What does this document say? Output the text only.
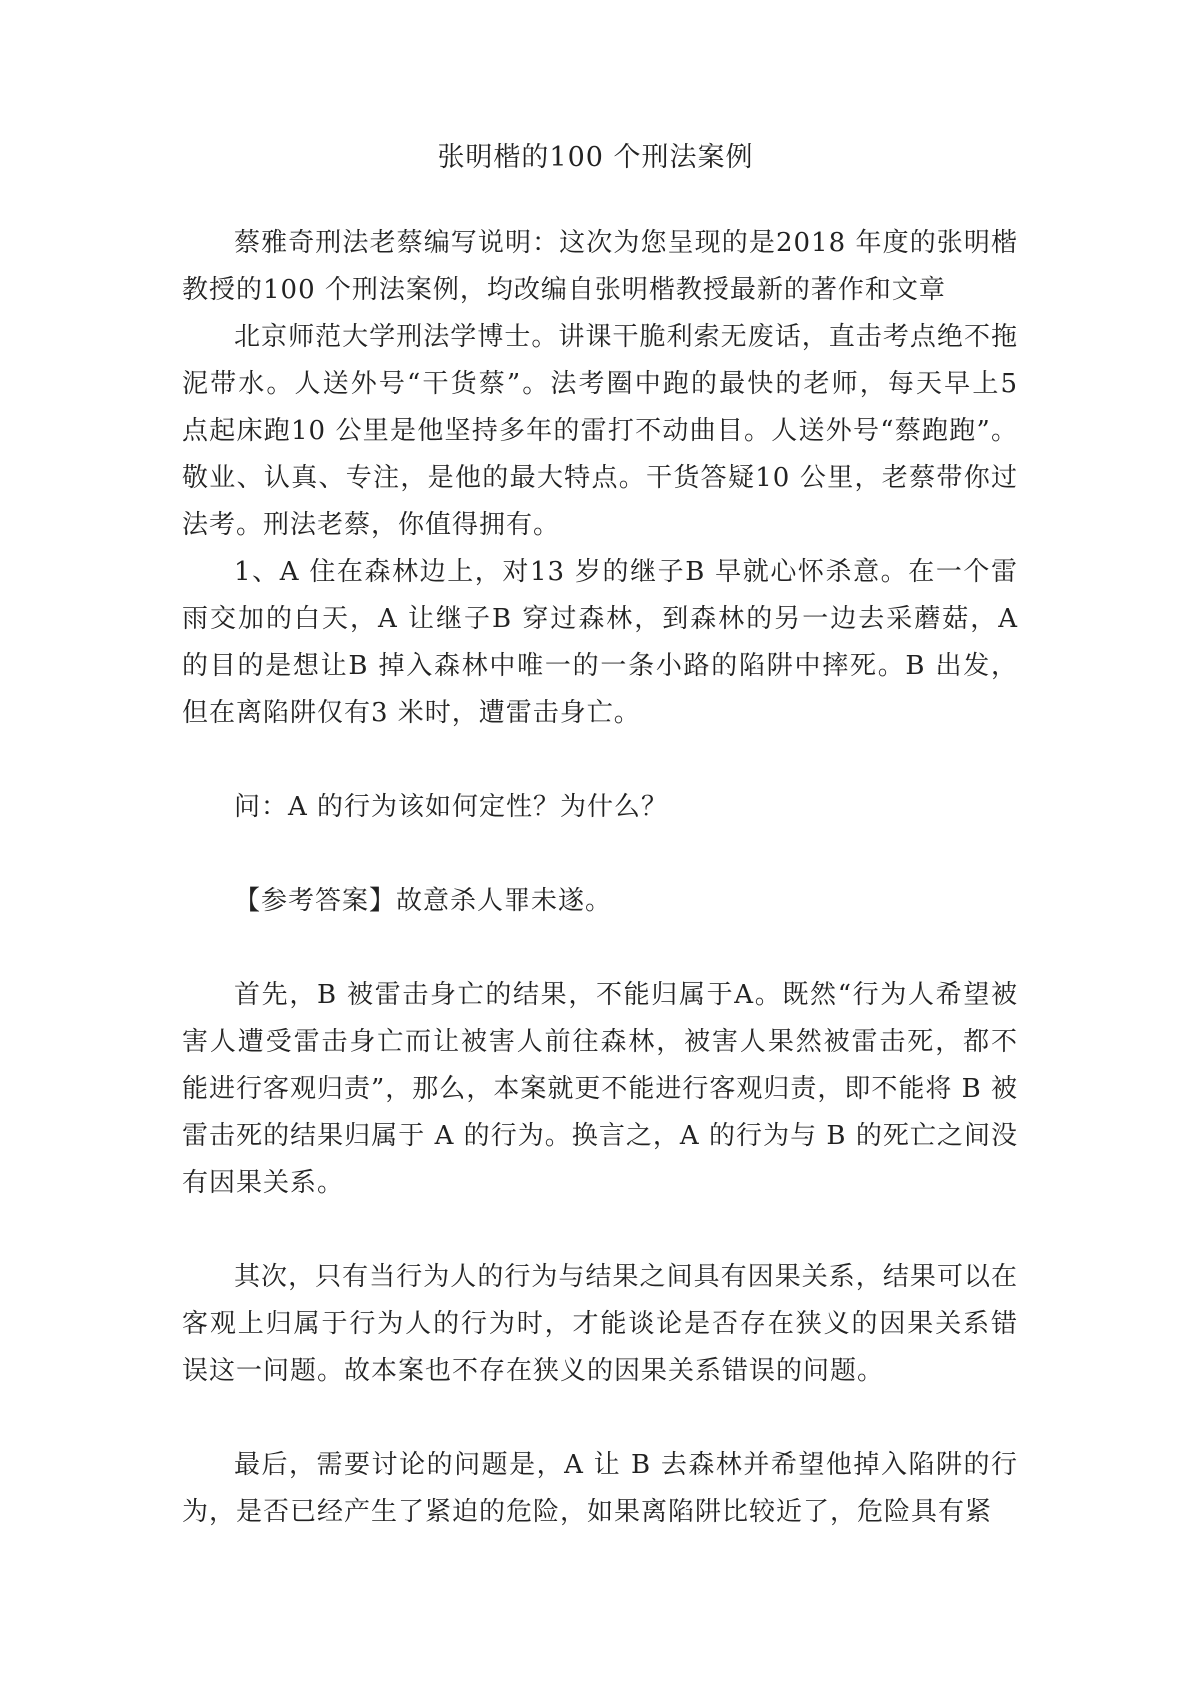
张明楷的100 个刑法案例

蔡雅奇刑法老蔡编写说明：这次为您呈现的是2018 年度的张明楷教授的100 个刑法案例，均改编自张明楷教授最新的著作和文章

北京师范大学刑法学博士。讲课干脆利索无废话，直击考点绝不拖泥带水。人送外号“干货蔡”。法考圈中跑的最快的老师，每天早上5 点起床跑10 公里是他坚持多年的雷打不动曲目。人送外号“蔡跑跑”。敬业、认真、专注，是他的最大特点。干货答疑10 公里，老蔡带你过法考。刑法老蔡，你值得拥有。

1、A 住在森林边上，对13 岁的继子B 早就心怀杀意。在一个雷雨交加的白天，A 让继子B 穿过森林，到森林的另一边去采蘑菇，A 的目的是想让B 掉入森林中唯一的一条小路的陷阱中摔死。B 出发，但在离陷阱仅有3 米时，遭雷击身亡。

问：A 的行为该如何定性？为什么？

【参考答案】故意杀人罪未遂。

首先，B 被雷击身亡的结果，不能归属于A。既然“行为人希望被害人遭受雷击身亡而让被害人前往森林，被害人果然被雷击死，都不能进行客观归责”，那么，本案就更不能进行客观归责，即不能将 B 被雷击死的结果归属于 A 的行为。换言之，A 的行为与 B 的死亡之间没有因果关系。

其次，只有当行为人的行为与结果之间具有因果关系，结果可以在客观上归属于行为人的行为时，才能谈论是否存在狭义的因果关系错误这一问题。故本案也不存在狭义的因果关系错误的问题。

最后，需要讨论的问题是，A 让 B 去森林并希望他掉入陷阱的行为，是否已经产生了紧迫的危险，如果离陷阱比较近了，危险具有紧
